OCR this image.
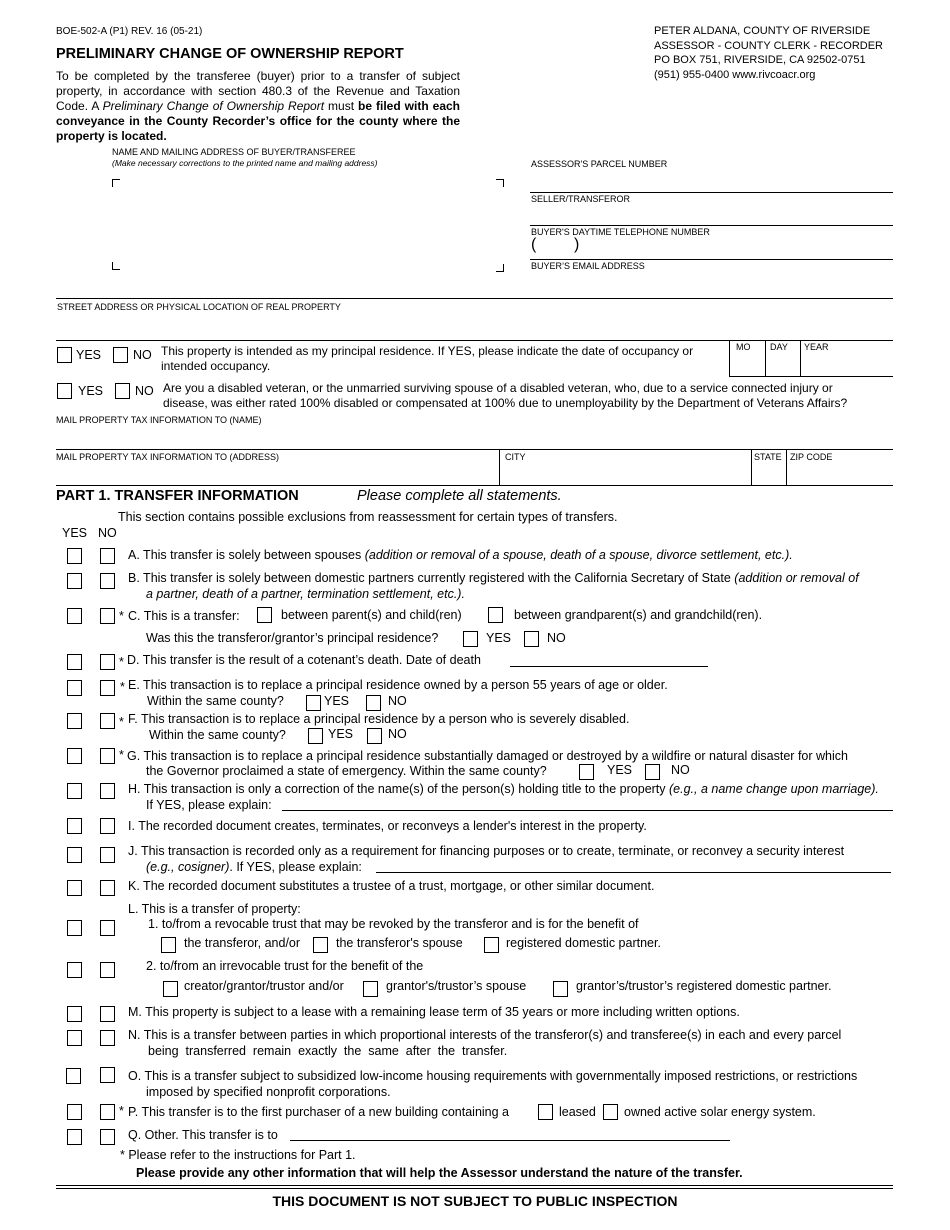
BOE-502-A (P1) REV. 16 (05-21)
PRELIMINARY CHANGE OF OWNERSHIP REPORT
To be completed by the transferee (buyer) prior to a transfer of subject property, in accordance with section 480.3 of the Revenue and Taxation Code. A Preliminary Change of Ownership Report must be filed with each conveyance in the County Recorder’s office for the county where the property is located.
PETER ALDANA, COUNTY OF RIVERSIDE
ASSESSOR - COUNTY CLERK - RECORDER
PO BOX 751, RIVERSIDE, CA 92502-0751
(951) 955-0400 www.rivcoacr.org
NAME AND MAILING ADDRESS OF BUYER/TRANSFEREE
(Make necessary corrections to the printed name and mailing address)	ASSESSOR'S PARCEL NUMBER
SELLER/TRANSFEROR
BUYER'S DAYTIME TELEPHONE NUMBER
( )
BUYER’S EMAIL ADDRESS
STREET ADDRESS OR PHYSICAL LOCATION OF REAL PROPERTY
YES	NO This property is intended as my principal residence. If YES, please indicate the date of occupancy or intended occupancy.
MO DAY YEAR
YES	NO Are you a disabled veteran, or the unmarried surviving spouse of a disabled veteran, who, due to a service connected injury or disease, was either rated 100% disabled or compensated at 100% due to unemployability by the Department of Veterans Affairs?
MAIL PROPERTY TAX INFORMATION TO (NAME)
MAIL PROPERTY TAX INFORMATION TO (ADDRESS)	CITY	STATE ZIP CODE
PART 1. TRANSFER INFORMATION	Please complete all statements.
This section contains possible exclusions from reassessment for certain types of transfers.
YES NO
A. This transfer is solely between spouses (addition or removal of a spouse, death of a spouse, divorce settlement, etc.).
B. This transfer is solely between domestic partners currently registered with the California Secretary of State (addition or removal of
a partner, death of a partner, termination settlement, etc.).
* C. This is a transfer:	between parent(s) and child(ren)	between grandparent(s) and grandchild(ren).
Was this the transferor/grantor’s principal residence?	YES	NO
* D. This transfer is the result of a cotenant’s death. Date of death
* E. This transaction is to replace a principal residence owned by a person 55 years of age or older.
Within the same county?	YES	NO
* F. This transaction is to replace a principal residence by a person who is severely disabled.
Within the same county?	YES	NO
* G. This transaction is to replace a principal residence substantially damaged or destroyed by a wildfire or natural disaster for which
the Governor proclaimed a state of emergency. Within the same county?	YES	NO
H. This transaction is only a correction of the name(s) of the person(s) holding title to the property (e.g., a name change upon marriage).
If YES, please explain:
I. The recorded document creates, terminates, or reconveys a lender's interest in the property.
J. This transaction is recorded only as a requirement for financing purposes or to create, terminate, or reconvey a security interest
(e.g., cosigner). If YES, please explain:
K. The recorded document substitutes a trustee of a trust, mortgage, or other similar document.
L. This is a transfer of property:
1. to/from a revocable trust that may be revoked by the transferor and is for the benefit of
the transferor, and/or	the transferor's spouse	registered domestic partner.
2. to/from an irrevocable trust for the benefit of the
creator/grantor/trustor and/or	grantor's/trustor’s spouse	grantor’s/trustor’s registered domestic partner.
M. This property is subject to a lease with a remaining lease term of 35 years or more including written options.
N. This is a transfer between parties in which proportional interests of the transferor(s) and transferee(s) in each and every parcel
being  transferred  remain  exactly  the  same  after  the  transfer.
O. This is a transfer subject to subsidized low-income housing requirements with governmentally imposed restrictions, or restrictions
imposed by specified nonprofit corporations.
* P. This transfer is to the first purchaser of a new building containing a	leased owned active solar energy system.
Q. Other. This transfer is to
* Please refer to the instructions for Part 1.
Please provide any other information that will help the Assessor understand the nature of the transfer.
THIS DOCUMENT IS NOT SUBJECT TO PUBLIC INSPECTION
